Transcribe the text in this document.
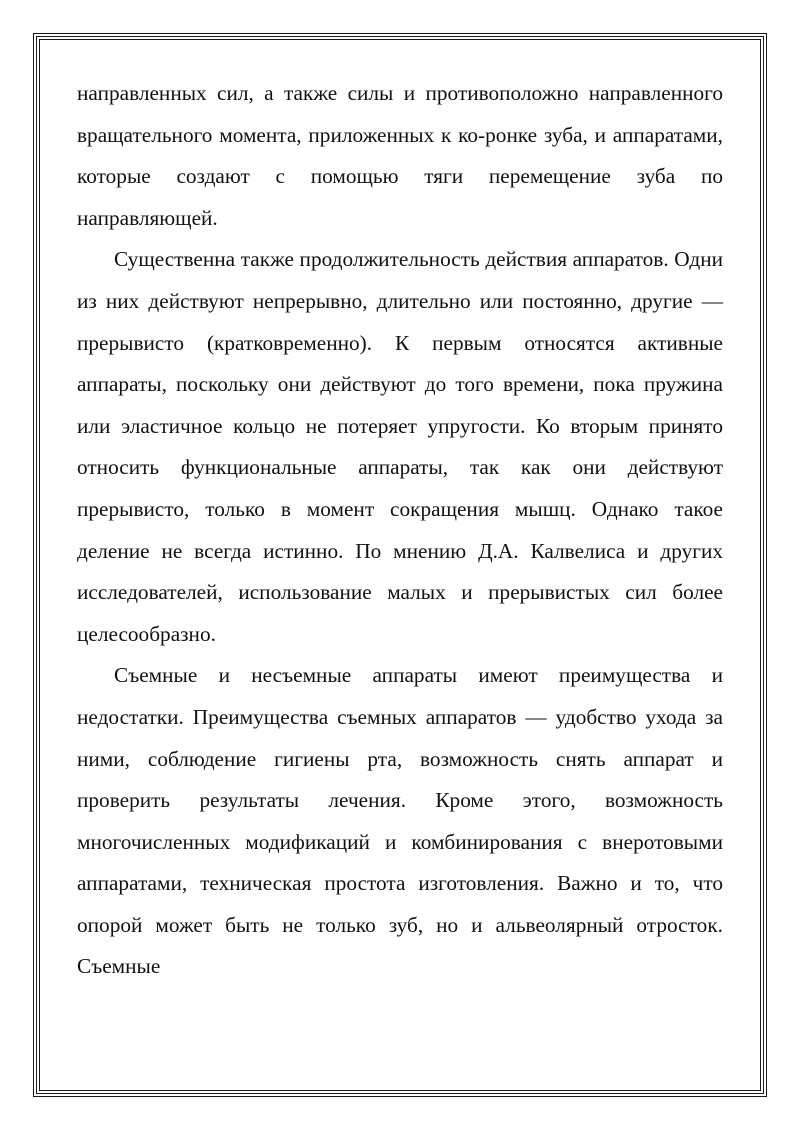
направленных сил, а также силы и противоположно направленного вращательного момента, приложенных к ко-ронке зуба, и аппаратами, которые создают с помощью тяги перемещение зуба по направляющей.

Существенна также продолжительность действия аппаратов. Одни из них действуют непрерывно, длительно или постоянно, другие — прерывисто (кратковременно). К первым относятся активные аппараты, поскольку они действуют до того времени, пока пружина или эластичное кольцо не потеряет упругости. Ко вторым принято относить функциональные аппараты, так как они действуют прерывисто, только в момент сокращения мышц. Однако такое деление не всегда истинно. По мнению Д.А. Калвелиса и других исследователей, использование малых и прерывистых сил более целесообразно.

Съемные и несъемные аппараты имеют преимущества и недостатки. Преимущества съемных аппаратов — удобство ухода за ними, соблюдение гигиены рта, возможность снять аппарат и проверить результаты лечения. Кроме этого, возможность многочисленных модификаций и комбинирования с внеротовыми аппаратами, техническая простота изготовления. Важно и то, что опорой может быть не только зуб, но и альвеолярный отросток. Съемные
